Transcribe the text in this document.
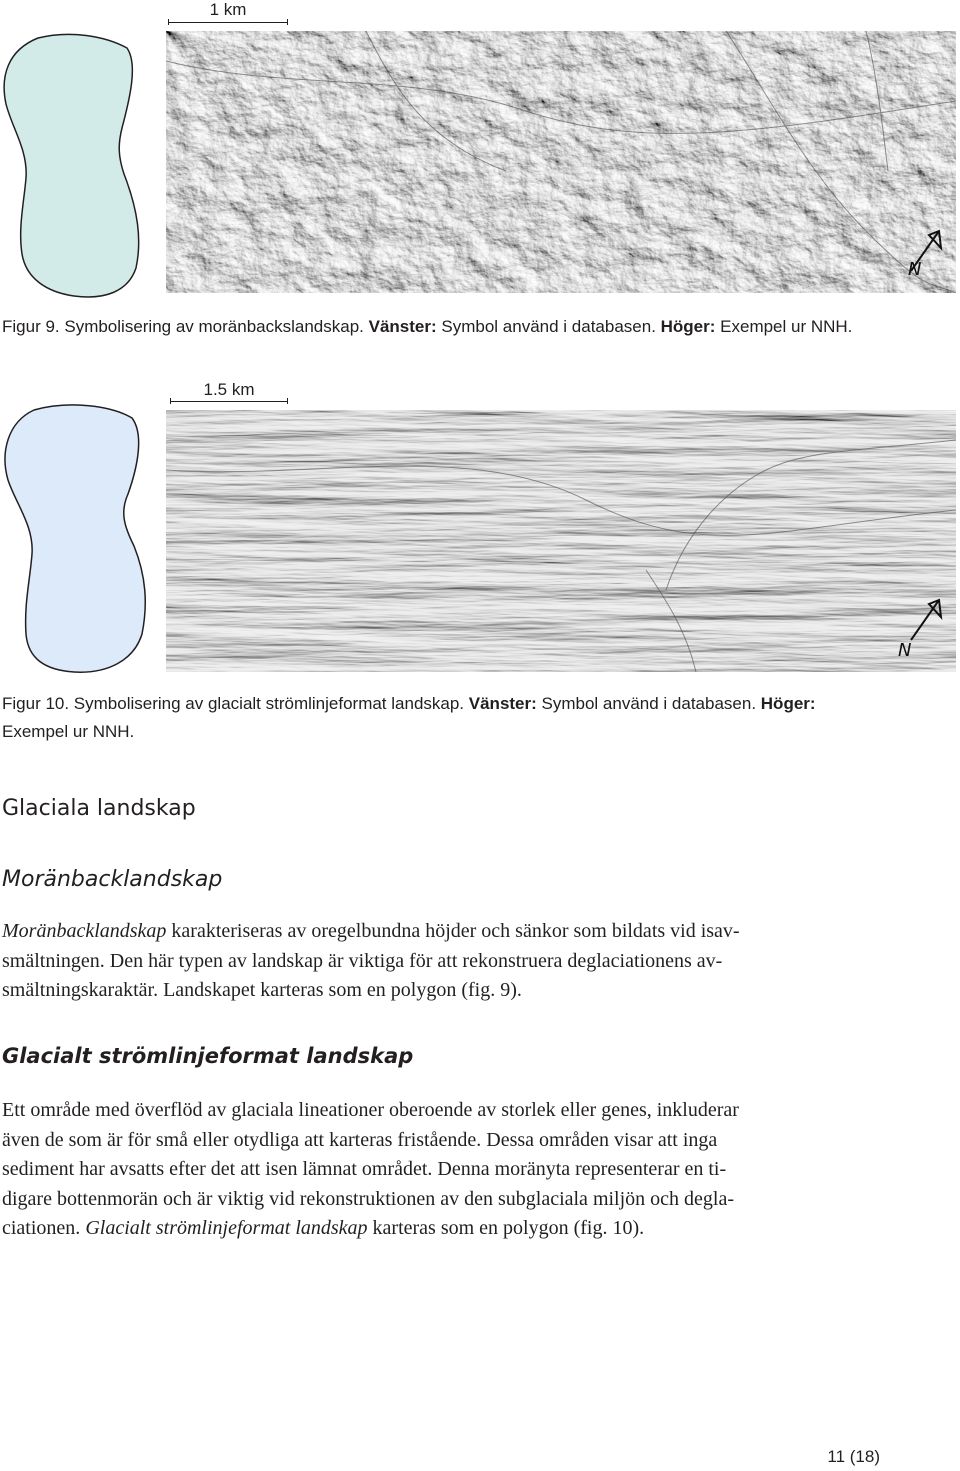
1 km
N
Figur 9. Symbolisering av moränbackslandskap. Vänster: Symbol använd i databasen. Höger: Exempel ur NNH.
1.5 km
N
Figur 10. Symbolisering av glacialt strömlinjeformat landskap. Vänster: Symbol använd i databasen. Höger:
Exempel ur NNH.
Glaciala landskap
Moränbacklandskap
Moränbacklandskap karakteriseras av oregelbundna höjder och sänkor som bildats vid isav-
smältningen. Den här typen av landskap är viktiga för att rekonstruera deglaciationens av-
smältningskaraktär. Landskapet karteras som en polygon (fig. 9).
Glacialt strömlinjeformat landskap
Ett område med överflöd av glaciala lineationer oberoende av storlek eller genes, inkluderar
även de som är för små eller otydliga att karteras fristående. Dessa områden visar att inga
sediment har avsatts efter det att isen lämnat området. Denna moränyta representerar en ti-
digare bottenmorän och är viktig vid rekonstruktionen av den subglaciala miljön och degla-
ciationen. Glacialt strömlinjeformat landskap karteras som en polygon (fig. 10).
11 (18)
